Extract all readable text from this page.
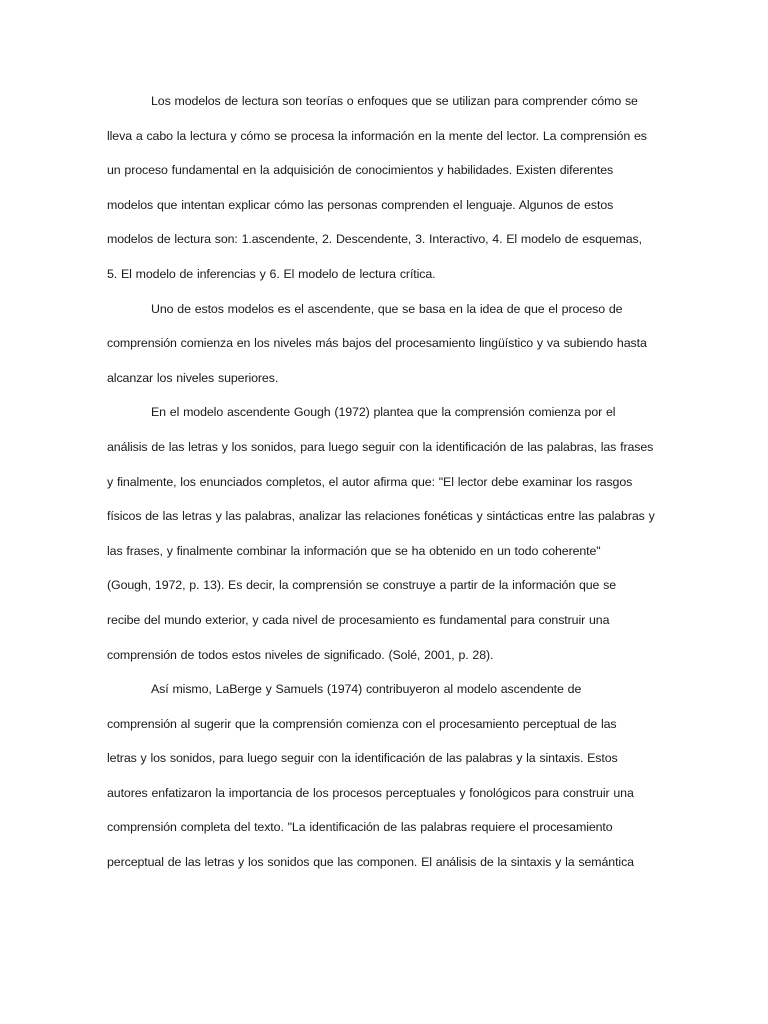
Los modelos de lectura son teorías o enfoques que se utilizan para comprender cómo se
lleva a cabo la lectura y cómo se procesa la información en la mente del lector. La comprensión es
un proceso fundamental en la adquisición de conocimientos y habilidades. Existen diferentes
modelos que intentan explicar cómo las personas comprenden el lenguaje. Algunos de estos
modelos de lectura son: 1.ascendente, 2. Descendente, 3. Interactivo, 4. El modelo de esquemas,
5. El modelo de inferencias y 6. El modelo de lectura crítica.
Uno de estos modelos es el ascendente, que se basa en la idea de que el proceso de
comprensión comienza en los niveles más bajos del procesamiento lingüístico y va subiendo hasta
alcanzar los niveles superiores.
En el modelo ascendente Gough (1972) plantea que la comprensión comienza por el
análisis de las letras y los sonidos, para luego seguir con la identificación de las palabras, las frases
y finalmente, los enunciados completos, el autor afirma que: "El lector debe examinar los rasgos
físicos de las letras y las palabras, analizar las relaciones fonéticas y sintácticas entre las palabras y
las frases, y finalmente combinar la información que se ha obtenido en un todo coherente"
(Gough, 1972, p. 13). Es decir, la comprensión se construye a partir de la información que se
recibe del mundo exterior, y cada nivel de procesamiento es fundamental para construir una
comprensión de todos estos niveles de significado. (Solé, 2001, p. 28).
Así mismo, LaBerge y Samuels (1974) contribuyeron al modelo ascendente de
comprensión al sugerir que la comprensión comienza con el procesamiento perceptual de las
letras y los sonidos, para luego seguir con la identificación de las palabras y la sintaxis. Estos
autores enfatizaron la importancia de los procesos perceptuales y fonológicos para construir una
comprensión completa del texto. "La identificación de las palabras requiere el procesamiento
perceptual de las letras y los sonidos que las componen. El análisis de la sintaxis y la semántica
